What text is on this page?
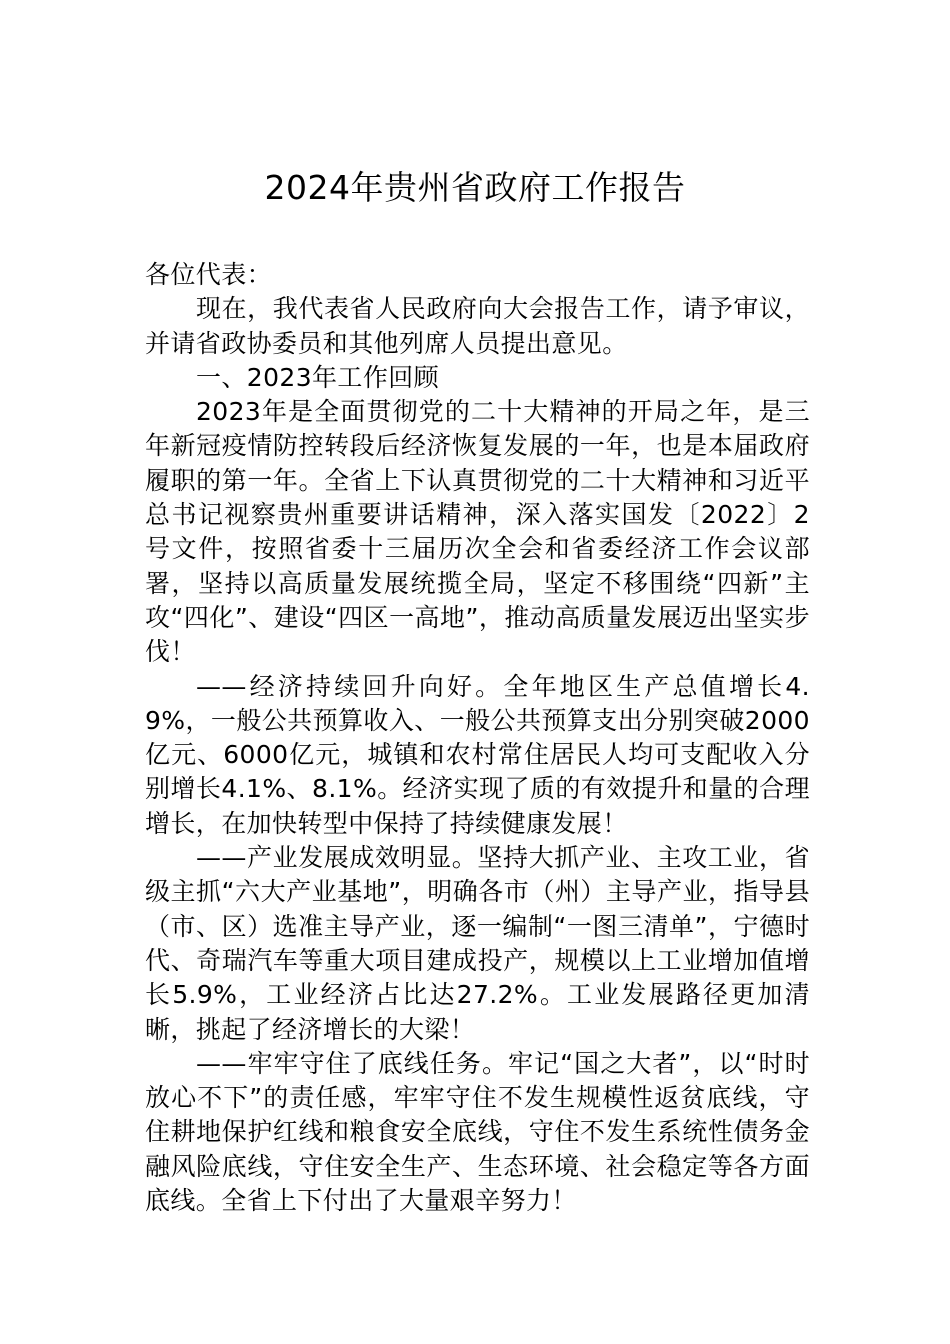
2024年贵州省政府工作报告

各位代表：

现在，我代表省人民政府向大会报告工作，请予审议，并请省政协委员和其他列席人员提出意见。

一、2023年工作回顾

2023年是全面贯彻党的二十大精神的开局之年，是三年新冠疫情防控转段后经济恢复发展的一年，也是本届政府履职的第一年。全省上下认真贯彻党的二十大精神和习近平总书记视察贵州重要讲话精神，深入落实国发〔2022〕2号文件，按照省委十三届历次全会和省委经济工作会议部署，坚持以高质量发展统揽全局，坚定不移围绕“四新”主攻“四化”、建设“四区一高地”，推动高质量发展迈出坚实步伐！

——经济持续回升向好。全年地区生产总值增长4.9%，一般公共预算收入、一般公共预算支出分别突破2000亿元、6000亿元，城镇和农村常住居民人均可支配收入分别增长4.1%、8.1%。经济实现了质的有效提升和量的合理增长，在加快转型中保持了持续健康发展！

——产业发展成效明显。坚持大抓产业、主攻工业，省级主抓“六大产业基地”，明确各市（州）主导产业，指导县（市、区）选准主导产业，逐一编制“一图三清单”，宁德时代、奇瑞汽车等重大项目建成投产，规模以上工业增加值增长5.9%，工业经济占比达27.2%。工业发展路径更加清晰，挑起了经济增长的大梁！

——牢牢守住了底线任务。牢记“国之大者”，以“时时放心不下”的责任感，牢牢守住不发生规模性返贫底线，守住耕地保护红线和粮食安全底线，守住不发生系统性债务金融风险底线，守住安全生产、生态环境、社会稳定等各方面底线。全省上下付出了大量艰辛努力！
